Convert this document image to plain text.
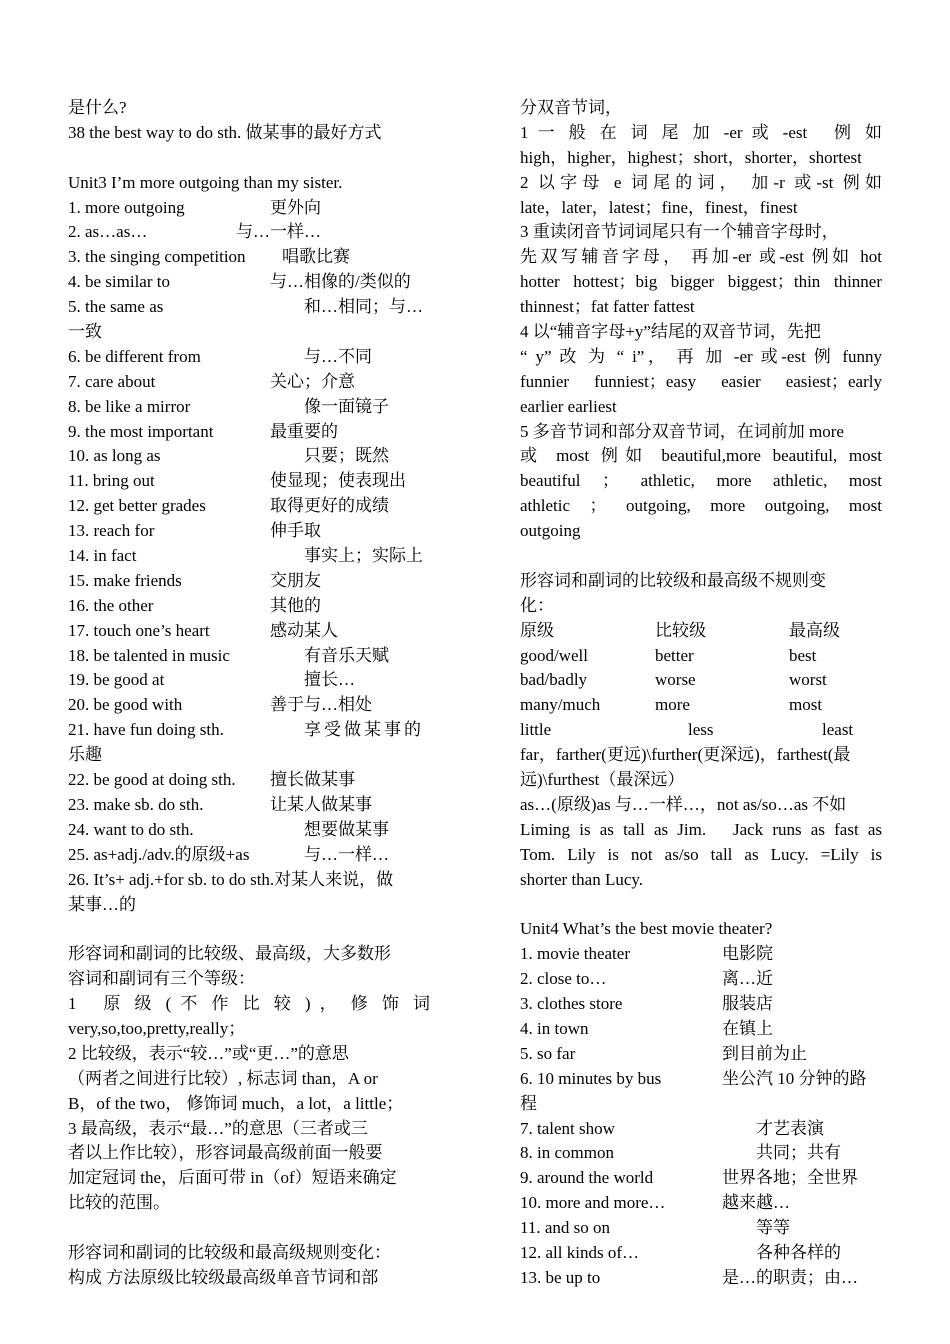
是什么?
38 the best way to do sth. 做某事的最好方式
Unit3 I’m more outgoing than my sister.
1. more outgoing	更外向
2. as…as…	与…一样…
3. the singing competition 唱歌比赛
4. be similar to	与…相像的/类似的
5. the same as	和…相同；与…
一致
6. be different from	与…不同
7. care about	关心；介意
8. be like a mirror	像一面镜子
9. the most important	最重要的
10. as long as	只要；既然
11. bring out	使显现；使表现出
12. get better grades	取得更好的成绩
13. reach for	伸手取
14. in fact	事实上；实际上
15. make friends	交朋友
16. the other	其他的
17. touch one’s heart	感动某人
18. be talented in music	有音乐天赋
19. be good at	擅长…
20. be good with	善于与…相处
21. have fun doing sth.	享受做某事的
乐趣
22. be good at doing sth. 擅长做某事
23. make sb. do sth.	让某人做某事
24. want to do sth.	想要做某事
25. as+adj./adv.的原级+as	与…一样…
26. It’s+ adj.+for sb. to do sth.对某人来说，做
某事…的
形容词和副词的比较级、最高级，大多数形
容词和副词有三个等级：
1　原 级 ( 不 作 比 较 ) ， 修 饰 词
very,so,too,pretty,really；
2 比较级，表示“较…”或“更…”的意思
（两者之间进行比较）, 标志词 than，A or
B，of the two， 修饰词 much，a lot，a little；
3 最高级，表示“最…”的意思（三者或三
者以上作比较），形容词最高级前面一般要
加定冠词 the，后面可带 in（of）短语来确定
比较的范围。
形容词和副词的比较级和最高级规则变化：
构成 方法原级比较级最高级单音节词和部
分双音节词，
1 一 般 在 词 尾 加 -er 或 -est　例 如
high，higher，highest；short，shorter，shortest
2 以字母 e 词尾的词， 加-r 或-st 例如
late，later，latest；fine，finest，finest
3 重读闭音节词词尾只有一个辅音字母时，
先双写辅音字母， 再加-er 或-est 例如 hot
hotter hottest；big bigger biggest；thin thinner
thinnest；fat fatter fattest
4 以“辅音字母+y”结尾的双音节词，先把
“ y” 改 为 “ i”， 再 加 -er 或-est 例 funny
funnier funniest；easy easier easiest；early
earlier earliest
5 多音节词和部分双音节词，在词前加 more
或 most 例如 beautiful,more beautiful, most
beautiful ； athletic, more athletic, most
athletic ； outgoing, more outgoing, most
outgoing
形容词和副词的比较级和最高级不规则变
化：
原级	比较级	最高级
good/well	better	best
bad/badly	worse	worst
many/much	more	most
little	less	least
far，farther(更远)\further(更深远)，farthest(最
远)\furthest（最深远）
as…(原级)as 与…一样…，not as/so…as 不如
Liming is as tall as Jim.　Jack runs as fast as
Tom. Lily is not as/so tall as Lucy. =Lily is
shorter than Lucy.
Unit4 What’s the best movie theater?
1. movie theater	电影院
2. close to…	离…近
3. clothes store	服装店
4. in town	在镇上
5. so far	到目前为止
6. 10 minutes by bus	坐公汽 10 分钟的路
程
7. talent show	才艺表演
8. in common	共同；共有
9. around the world	世界各地；全世界
10. more and more…	越来越…
11. and so on	等等
12. all kinds of…	各种各样的
13. be up to	是…的职责；由…
